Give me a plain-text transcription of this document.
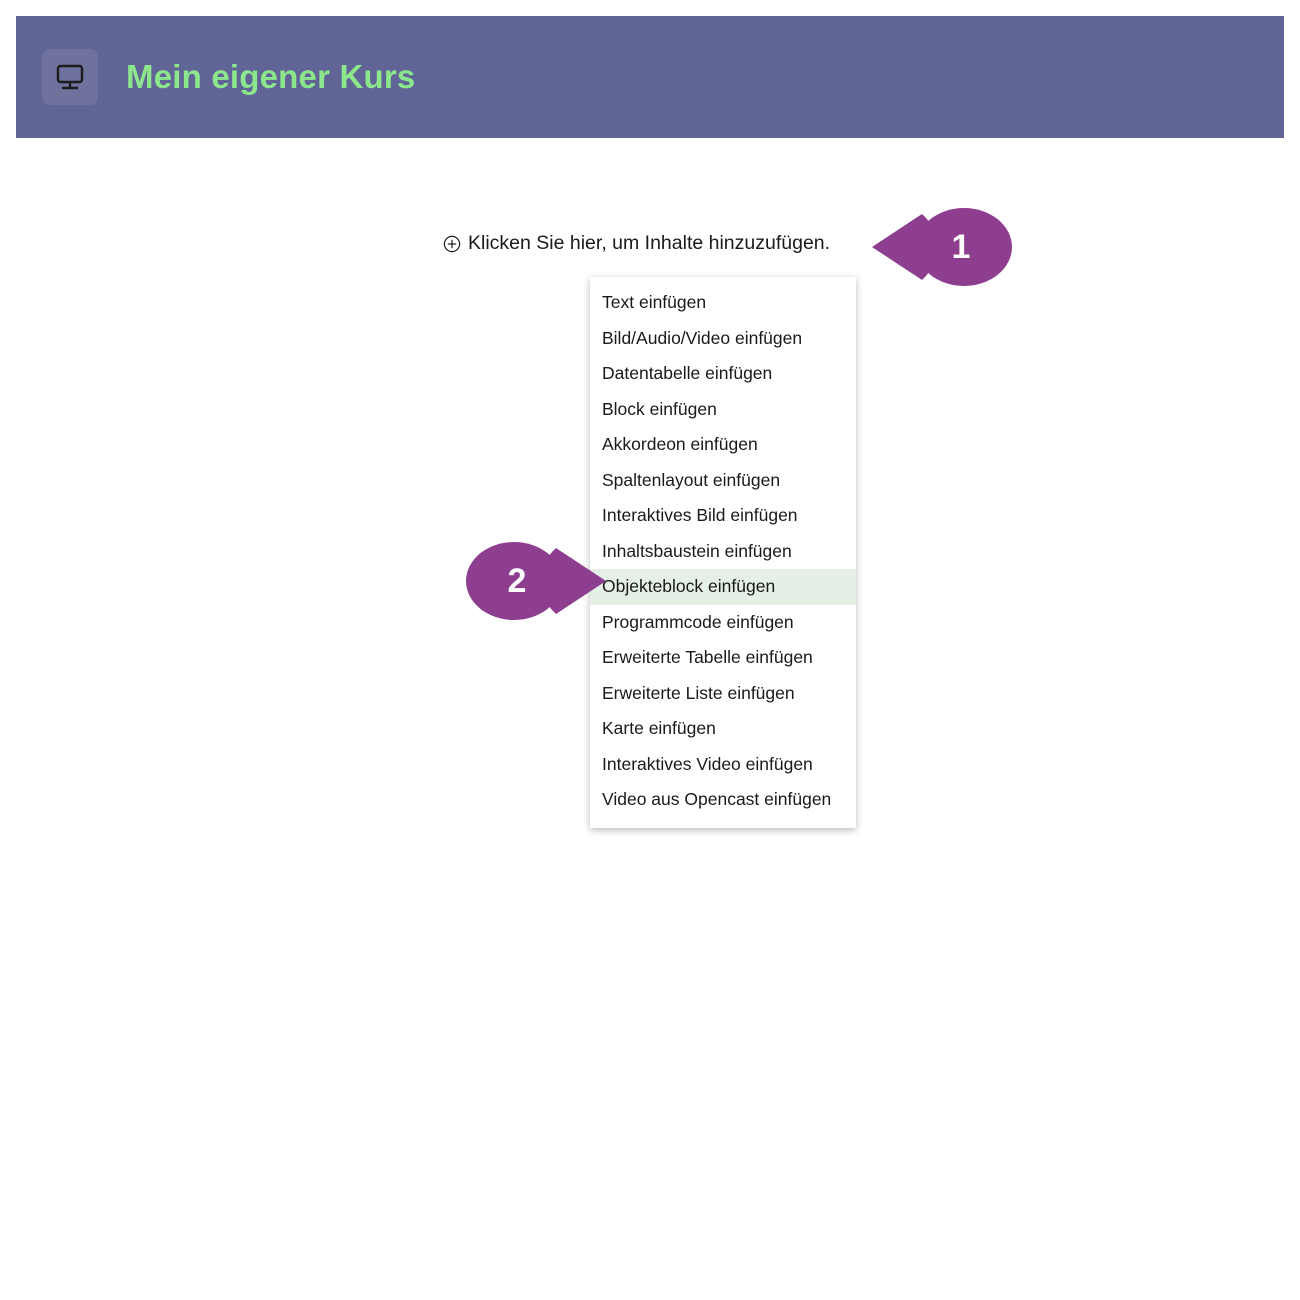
Mein eigener Kurs
Klicken Sie hier, um Inhalte hinzuzufügen.
Text einfügen
Bild/Audio/Video einfügen
Datentabelle einfügen
Block einfügen
Akkordeon einfügen
Spaltenlayout einfügen
Interaktives Bild einfügen
Inhaltsbaustein einfügen
Objekteblock einfügen
Programmcode einfügen
Erweiterte Tabelle einfügen
Erweiterte Liste einfügen
Karte einfügen
Interaktives Video einfügen
Video aus Opencast einfügen
1
2
